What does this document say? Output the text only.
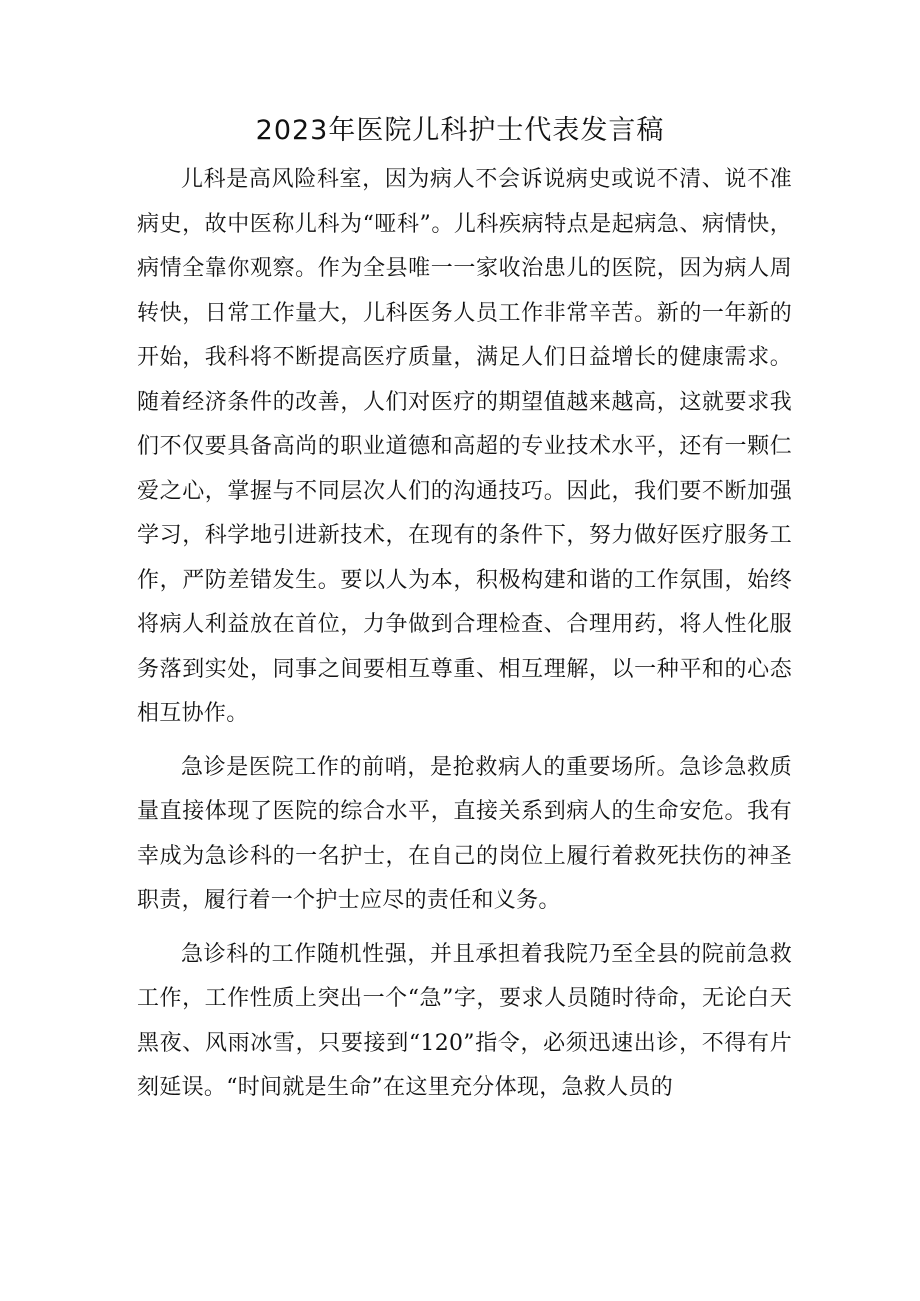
2023年医院儿科护士代表发言稿

儿科是高风险科室，因为病人不会诉说病史或说不清、说不准病史，故中医称儿科为“哑科”。儿科疾病特点是起病急、病情快，病情全靠你观察。作为全县唯一一家收治患儿的医院，因为病人周转快，日常工作量大，儿科医务人员工作非常辛苦。新的一年新的开始，我科将不断提高医疗质量，满足人们日益增长的健康需求。随着经济条件的改善，人们对医疗的期望值越来越高，这就要求我们不仅要具备高尚的职业道德和高超的专业技术水平，还有一颗仁爱之心，掌握与不同层次人们的沟通技巧。因此，我们要不断加强学习，科学地引进新技术，在现有的条件下，努力做好医疗服务工作，严防差错发生。要以人为本，积极构建和谐的工作氛围，始终将病人利益放在首位，力争做到合理检查、合理用药，将人性化服务落到实处，同事之间要相互尊重、相互理解，以一种平和的心态相互协作。

急诊是医院工作的前哨，是抢救病人的重要场所。急诊急救质量直接体现了医院的综合水平，直接关系到病人的生命安危。我有幸成为急诊科的一名护士，在自己的岗位上履行着救死扶伤的神圣职责，履行着一个护士应尽的责任和义务。

急诊科的工作随机性强，并且承担着我院乃至全县的院前急救工作，工作性质上突出一个“急”字，要求人员随时待命，无论白天黑夜、风雨冰雪，只要接到“120”指令，必须迅速出诊，不得有片刻延误。“时间就是生命”在这里充分体现，急救人员的
